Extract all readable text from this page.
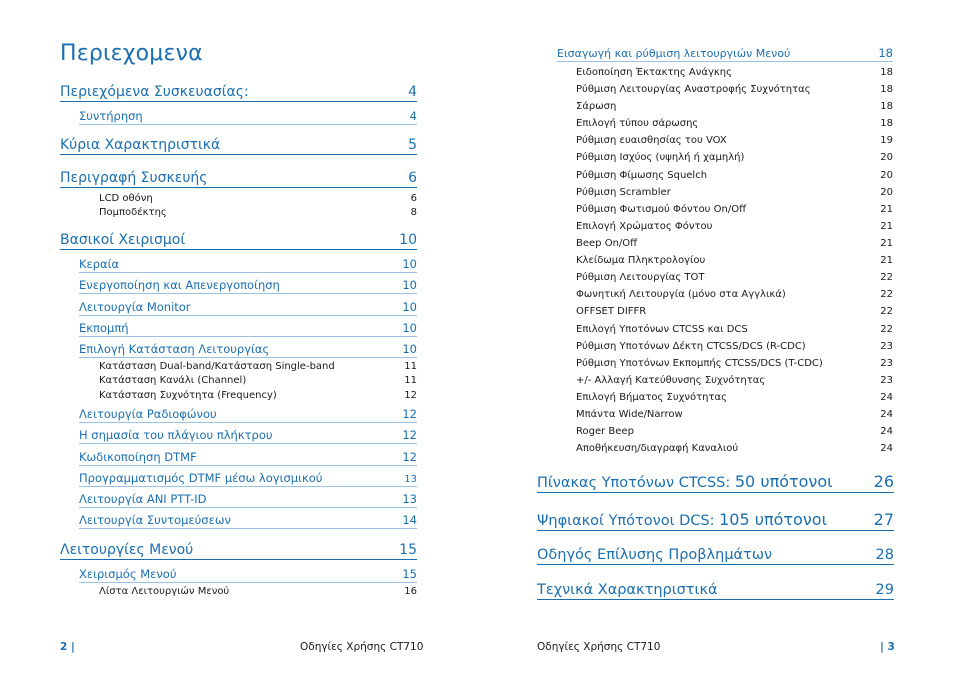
Περιεχομενα
Περιεχόμενα Συσκευασίας:	4
Συντήρηση	4
Κύρια Χαρακτηριστικά	5
Περιγραφή Συσκευής	6
LCD οθόνη	6
Πομποδέκτης	8
Βασικοί Χειρισμοί	10
Κεραία	10
Ενεργοποίηση και Απενεργοποίηση	10
Λειτουργία Monitor	10
Εκπομπή	10
Επιλογή Κατάσταση Λειτουργίας	10
Κατάσταση Dual-band/Κατάσταση Single-band	11
Κατάσταση Κανάλι (Channel)	11
Κατάσταση Συχνότητα (Frequency)	12
Λειτουργία Ραδιοφώνου	12
Η σημασία του πλάγιου πλήκτρου	12
Κωδικοποίηση DTMF	12
Προγραμματισμός DTMF μέσω λογισμικού	13
Λειτουργία ANI PTT-ID	13
Λειτουργία Συντομεύσεων	14
Λειτουργίες Μενού	15
Χειρισμός Μενού	15
Λίστα Λειτουργιών Μενού	16
2 |	Οδηγίες Χρήσης CT710
Εισαγωγή και ρύθμιση λειτουργιών Μενού	18
Ειδοποίηση Έκτακτης Ανάγκης	18
Ρύθμιση Λειτουργίας Αναστροφής Συχνότητας	18
Σάρωση	18
Επιλογή τύπου σάρωσης	18
Ρύθμιση ευαισθησίας του VOX	19
Ρύθμιση Ισχύος (υψηλή ή χαμηλή)	20
Ρύθμιση Φίμωσης Squelch	20
Ρύθμιση Scrambler	20
Ρύθμιση Φωτισμού Φόντου On/Off	21
Επιλογή Χρώματος Φόντου	21
Beep On/Off	21
Κλείδωμα Πληκτρολογίου	21
Ρύθμιση Λειτουργίας TOT	22
Φωνητική Λειτουργία (μόνο στα Αγγλικά)	22
OFFSET DIFFR	22
Επιλογή Υποτόνων CTCSS και DCS	22
Ρύθμιση Υποτόνων Δέκτη CTCSS/DCS (R-CDC)	23
Ρύθμιση Υποτόνων Εκπομπής CTCSS/DCS (T-CDC)	23
+/- Αλλαγή Κατεύθυνσης Συχνότητας	23
Επιλογή Βήματος Συχνότητας	24
Μπάντα Wide/Narrow	24
Roger Beep	24
Αποθήκευση/διαγραφή Καναλιού	24
Πίνακας Υποτόνων CTCSS: 50 υπότονοι	26
Ψηφιακοί Υπότονοι DCS: 105 υπότονοι	27
Οδηγός Επίλυσης Προβλημάτων	28
Τεχνικά Χαρακτηριστικά	29
Οδηγίες Χρήσης CT710	| 3
